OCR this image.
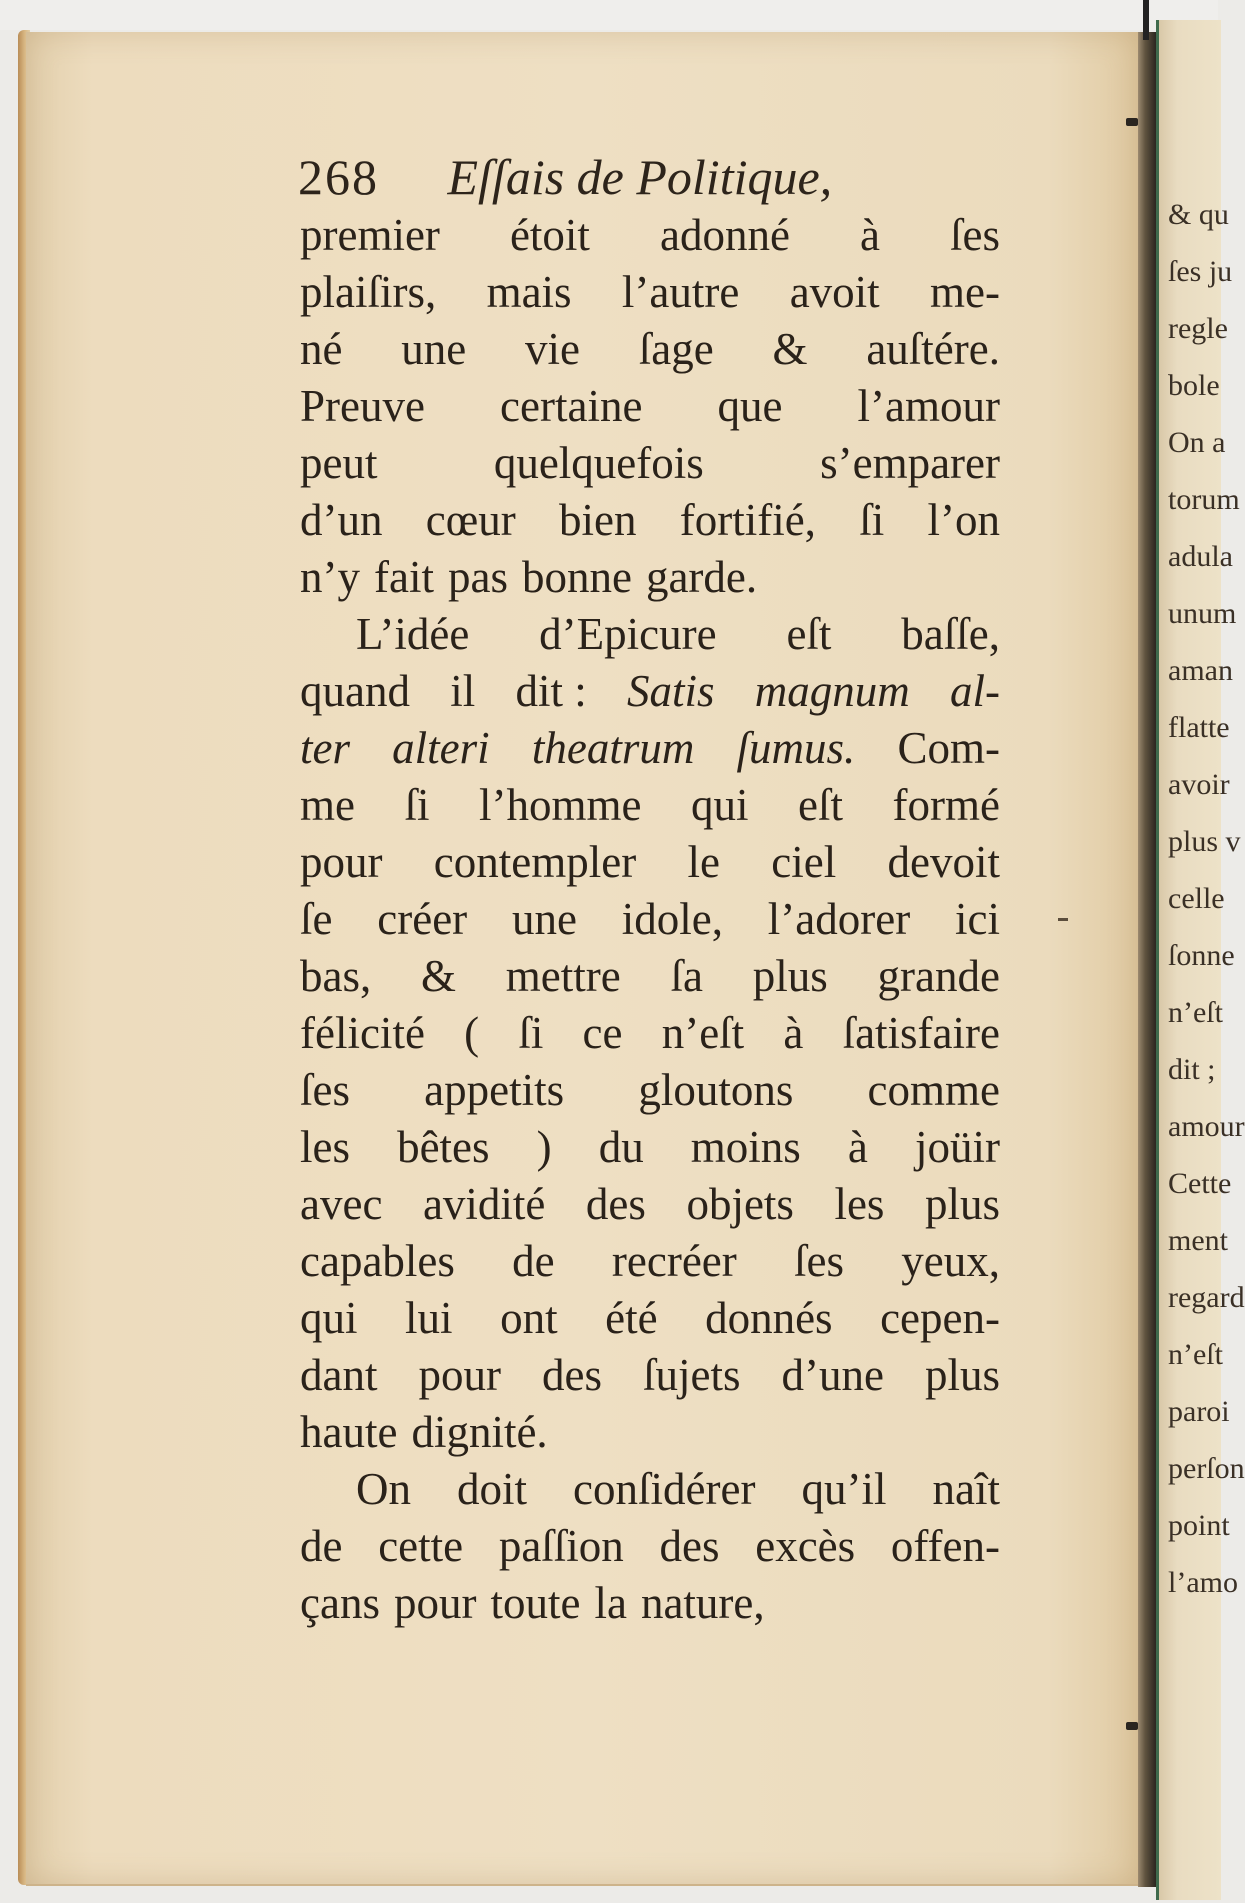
268 Eſſais de Politique,
premier étoit adonné à ſes
plaiſirs, mais l’autre avoit me-
né une vie ſage & auſtére.
Preuve certaine que l’amour
peut	quelquefois	s’emparer
d’un cœur bien fortifié, ſi l’on
n’y fait pas bonne garde.
L’idée d’Epicure eſt baſſe,
quand il dit : Satis magnum al-
ter alteri theatrum ſumus. Com-
me ſi l’homme qui eſt formé
pour contempler le ciel devoit
ſe créer une idole, l’adorer ici
bas, & mettre ſa plus grande
félicité ( ſi ce n’eſt à ſatisfaire
ſes appetits gloutons comme
les bêtes ) du moins à joüir
avec avidité des objets les plus
capables de recréer ſes yeux,
qui lui ont été donnés cepen-
dant pour des ſujets d’une plus
haute dignité.
On doit conſidérer qu’il naît
de cette paſſion des excès offen-
çans pour toute la nature,
& qu
ſes ju
regle
bole
On a
torum
adula
unum
aman
flatte
avoir
plus v
celle
ſonne
n’eſt
dit ;
amour
Cette
ment
regard
n’eſt
paroi
perſon
point
l’amo
